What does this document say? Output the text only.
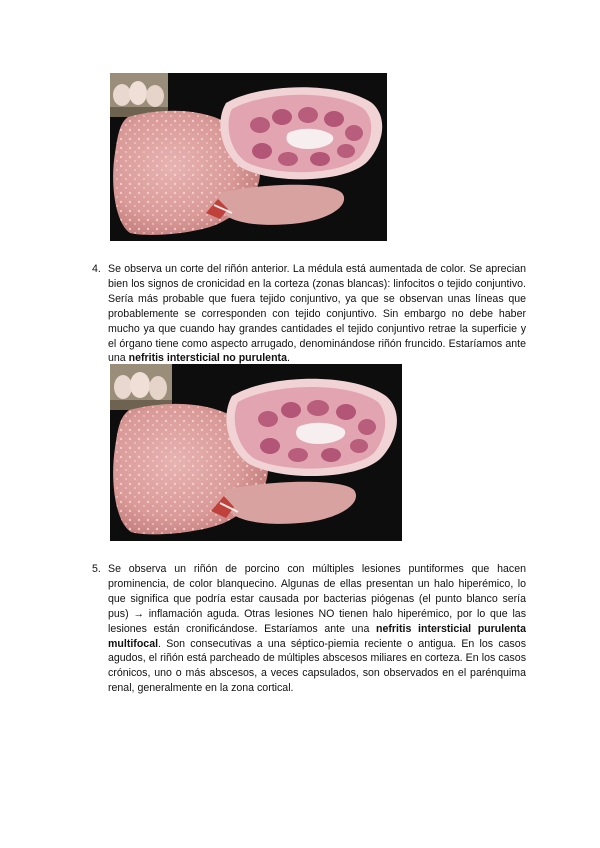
4. Se observa un corte del riñón anterior. La médula está aumentada de color. Se aprecian bien los signos de cronicidad en la corteza (zonas blancas): linfocitos o tejido conjuntivo. Sería más probable que fuera tejido conjuntivo, ya que se observan unas líneas que probablemente se corresponden con tejido conjuntivo. Sin embargo no debe haber mucho ya que cuando hay grandes cantidades el tejido conjuntivo retrae la superficie y el órgano tiene como aspecto arrugado, denominándose riñón fruncido. Estaríamos ante una nefritis intersticial no purulenta.

5. Se observa un riñón de porcino con múltiples lesiones puntiformes que hacen prominencia, de color blanquecino. Algunas de ellas presentan un halo hiperémico, lo que significa que podría estar causada por bacterias piógenas (el punto blanco sería pus) → inflamación aguda. Otras lesiones NO tienen halo hiperémico, por lo que las lesiones están cronificándose. Estaríamos ante una nefritis intersticial purulenta multifocal. Son consecutivas a una séptico-piemia reciente o antigua. En los casos agudos, el riñón está parcheado de múltiples abscesos miliares en corteza. En los casos crónicos, uno o más abscesos, a veces capsulados, son observados en el parénquima renal, generalmente en la zona cortical.
